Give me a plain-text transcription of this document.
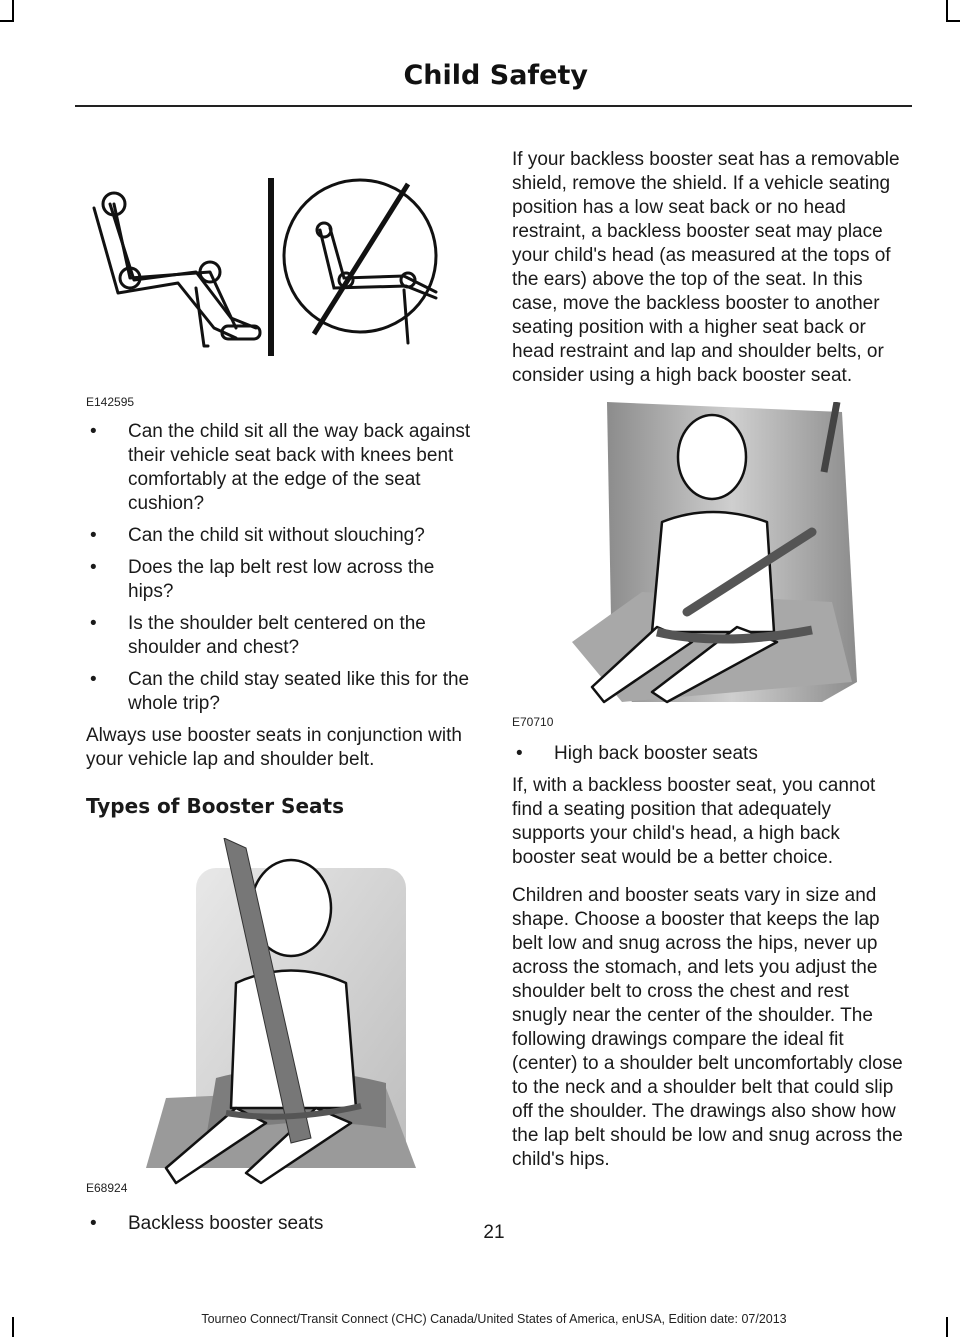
Child Safety
E142595
• Can the child sit all the way back against their vehicle seat back with knees bent comfortably at the edge of the seat cushion?
• Can the child sit without slouching?
• Does the lap belt rest low across the hips?
• Is the shoulder belt centered on the shoulder and chest?
• Can the child stay seated like this for the whole trip?

Always use booster seats in conjunction with your vehicle lap and shoulder belt.

Types of Booster Seats
E68924
• Backless booster seats

If your backless booster seat has a removable shield, remove the shield. If a vehicle seating position has a low seat back or no head restraint, a backless booster seat may place your child's head (as measured at the tops of the ears) above the top of the seat. In this case, move the backless booster to another seating position with a higher seat back or head restraint and lap and shoulder belts, or consider using a high back booster seat.

E70710
• High back booster seats

If, with a backless booster seat, you cannot find a seating position that adequately supports your child's head, a high back booster seat would be a better choice.

Children and booster seats vary in size and shape. Choose a booster that keeps the lap belt low and snug across the hips, never up across the stomach, and lets you adjust the shoulder belt to cross the chest and rest snugly near the center of the shoulder. The following drawings compare the ideal fit (center) to a shoulder belt uncomfortably close to the neck and a shoulder belt that could slip off the shoulder. The drawings also show how the lap belt should be low and snug across the child's hips.

21
Tourneo Connect/Transit Connect (CHC) Canada/United States of America, enUSA, Edition date: 07/2013
